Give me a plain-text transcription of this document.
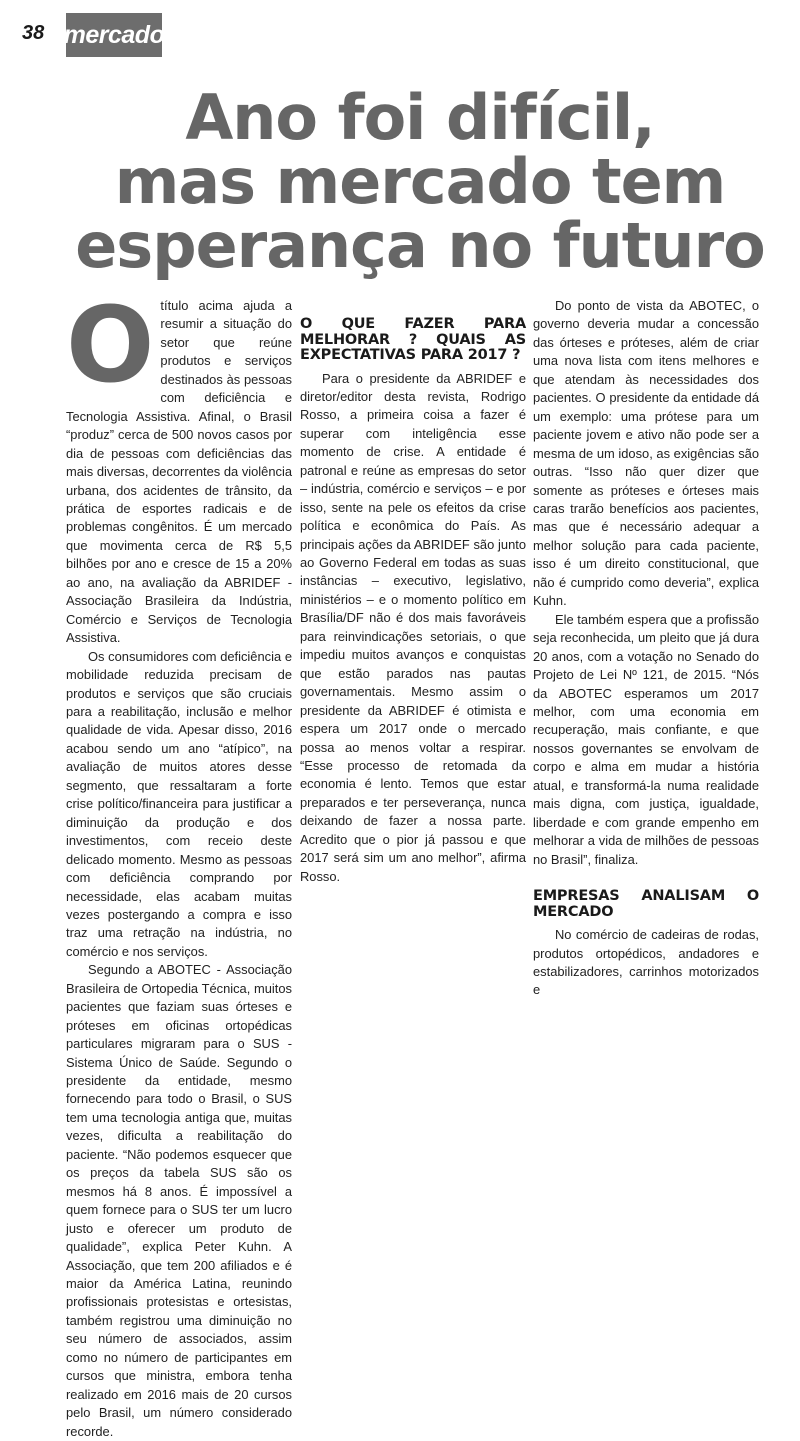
38 mercado
Ano foi difícil,
mas mercado tem
esperança no futuro

Otítulo acima ajuda a resumir a situação do setor que reúne produtos e serviços destinados às pessoas com deficiência e Tecnologia Assistiva. Afinal, o Brasil “produz” cerca de 500 novos casos por dia de pessoas com deficiências das mais diversas, decorrentes da violência urbana, dos acidentes de trânsito, da prática de esportes radicais e de problemas congênitos. É um mercado que movimenta cerca de R$ 5,5 bilhões por ano e cresce de 15 a 20% ao ano, na avaliação da ABRIDEF - Associação Brasileira da Indústria, Comércio e Serviços de Tecnologia Assistiva.

Os consumidores com deficiência e mobilidade reduzida precisam de produtos e serviços que são cruciais para a reabilitação, inclusão e melhor qualidade de vida. Apesar disso, 2016 acabou sendo um ano “atípico”, na avaliação de muitos atores desse segmento, que ressaltaram a forte crise político/financeira para justificar a diminuição da produção e dos investimentos, com receio deste delicado momento. Mesmo as pessoas com deficiência comprando por necessidade, elas acabam muitas vezes postergando a compra e isso traz uma retração na indústria, no comércio e nos serviços.

Segundo a ABOTEC - Associação Brasileira de Ortopedia Técnica, muitos pacientes que faziam suas órteses e próteses em oficinas ortopédicas particulares migraram para o SUS - Sistema Único de Saúde. Segundo o presidente da entidade, mesmo fornecendo para todo o Brasil, o SUS tem uma tecnologia antiga que, muitas vezes, dificulta a reabilitação do paciente. “Não podemos esquecer que os preços da tabela SUS são os mesmos há 8 anos. É impossível a quem fornece para o SUS ter um lucro justo e oferecer um produto de qualidade”, explica Peter Kuhn. A Associação, que tem 200 afiliados e é maior da América Latina, reunindo profissionais protesistas e ortesistas, também registrou uma diminuição no seu número de associados, assim como no número de participantes em cursos que ministra, embora tenha realizado em 2016 mais de 20 cursos pelo Brasil, um número considerado recorde.

O QUE FAZER PARA MELHORAR ? QUAIS AS EXPECTATIVAS PARA 2017 ?

Para o presidente da ABRIDEF e diretor/editor desta revista, Rodrigo Rosso, a primeira coisa a fazer é superar com inteligência esse momento de crise. A entidade é patronal e reúne as empresas do setor – indústria, comércio e serviços – e por isso, sente na pele os efeitos da crise política e econômica do País. As principais ações da ABRIDEF são junto ao Governo Federal em todas as suas instâncias – executivo, legislativo, ministérios – e o momento político em Brasília/DF não é dos mais favoráveis para reinvindicações setoriais, o que impediu muitos avanços e conquistas que estão parados nas pautas governamentais. Mesmo assim o presidente da ABRIDEF é otimista e espera um 2017 onde o mercado possa ao menos voltar a respirar. “Esse processo de retomada da economia é lento. Temos que estar preparados e ter perseverança, nunca deixando de fazer a nossa parte. Acredito que o pior já passou e que 2017 será sim um ano melhor”, afirma Rosso.

Do ponto de vista da ABOTEC, o governo deveria mudar a concessão das órteses e próteses, além de criar uma nova lista com itens melhores e que atendam às necessidades dos pacientes. O presidente da entidade dá um exemplo: uma prótese para um paciente jovem e ativo não pode ser a mesma de um idoso, as exigências são outras. “Isso não quer dizer que somente as próteses e órteses mais caras trarão benefícios aos pacientes, mas que é necessário adequar a melhor solução para cada paciente, isso é um direito constitucional, que não é cumprido como deveria”, explica Kuhn.

Ele também espera que a profissão seja reconhecida, um pleito que já dura 20 anos, com a votação no Senado do Projeto de Lei Nº 121, de 2015. “Nós da ABOTEC esperamos um 2017 melhor, com uma economia em recuperação, mais confiante, e que nossos governantes se envolvam de corpo e alma em mudar a história atual, e transformá-la numa realidade mais digna, com justiça, igualdade, liberdade e com grande empenho em melhorar a vida de milhões de pessoas no Brasil”, finaliza.

EMPRESAS ANALISAM O MERCADO

No comércio de cadeiras de rodas, produtos ortopédicos, andadores e estabilizadores, carrinhos motorizados e
